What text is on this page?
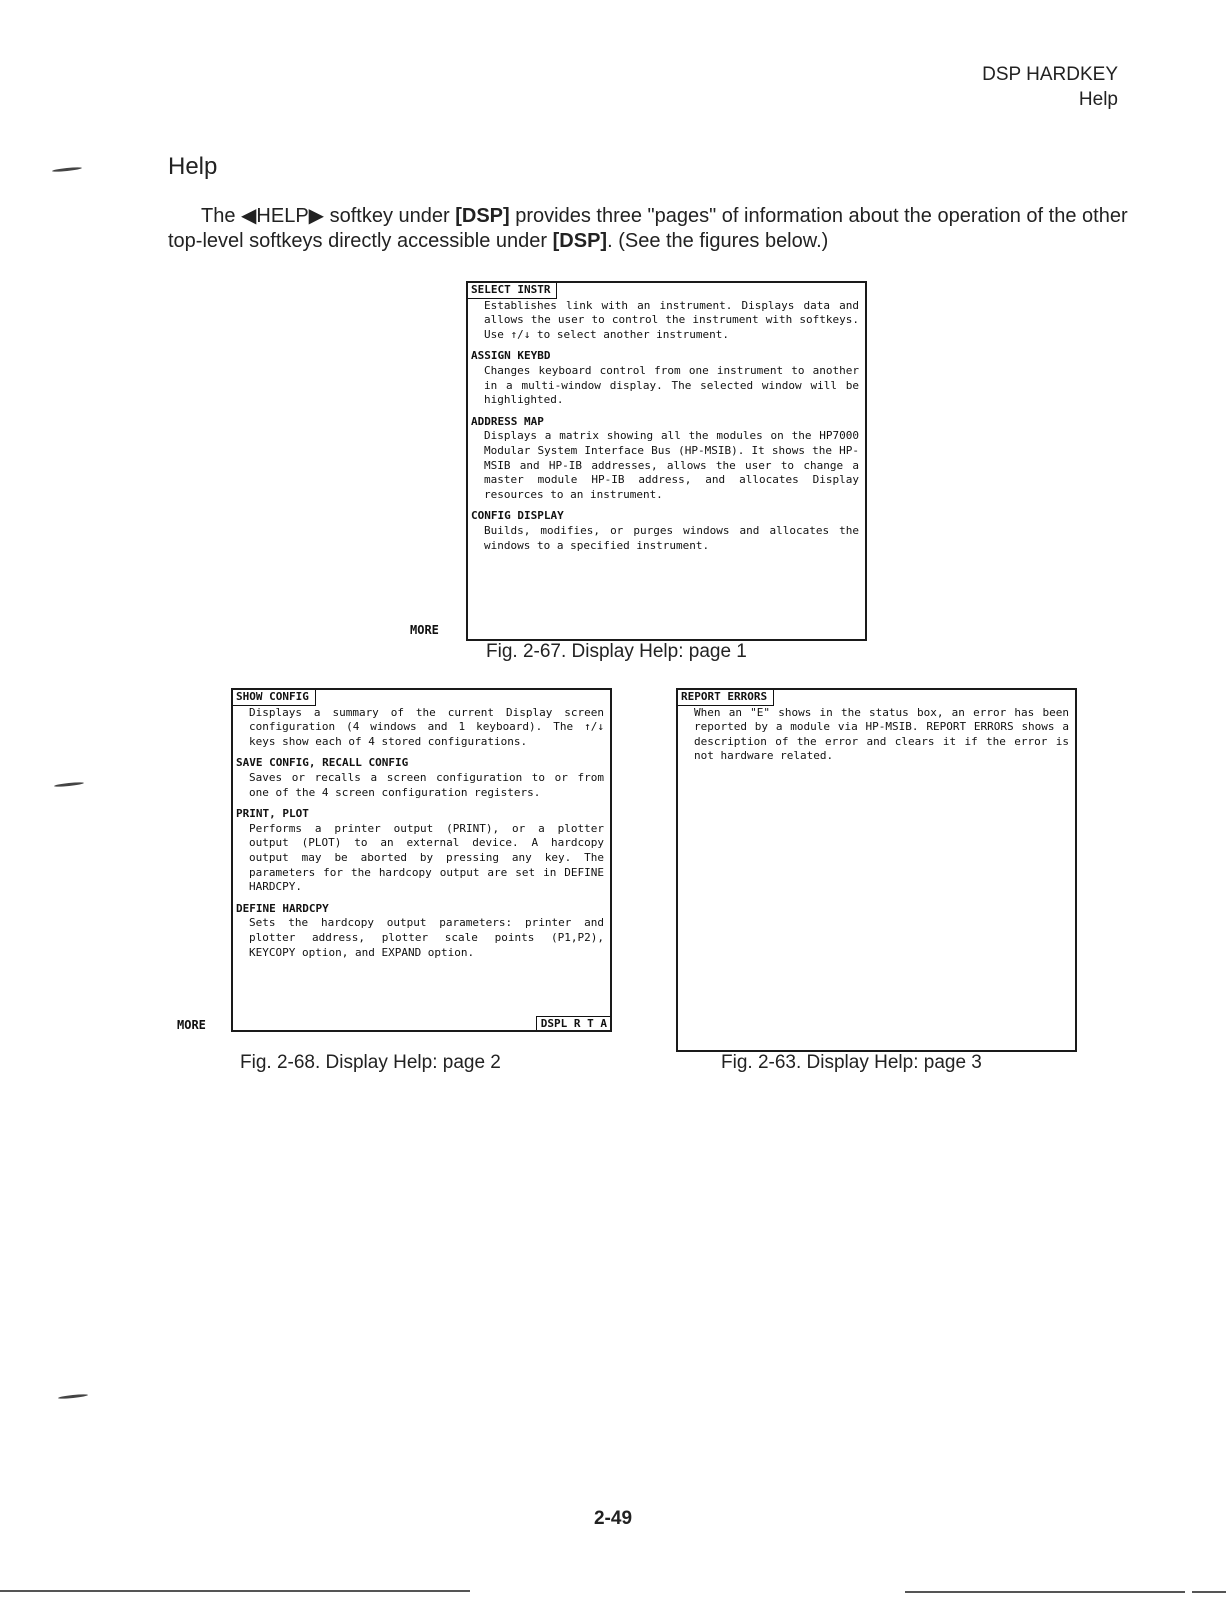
DSP HARDKEY
Help
Help

The ◀HELP▶ softkey under [DSP] provides three "pages" of information about the operation of the other top-level softkeys directly accessible under [DSP]. (See the figures below.)

SELECT INSTR
Establishes link with an instrument. Displays data and allows the user to control the instrument with softkeys. Use ↑/↓ to select another instrument.
ASSIGN KEYBD
Changes keyboard control from one instrument to another in a multi-window display. The selected window will be highlighted.
ADDRESS MAP
Displays a matrix showing all the modules on the HP7000 Modular System Interface Bus (HP-MSIB). It shows the HP-MSIB and HP-IB addresses, allows the user to change a master module HP-IB address, and allocates Display resources to an instrument.
CONFIG DISPLAY
Builds, modifies, or purges windows and allocates the windows to a specified instrument.
MORE
Fig. 2-67. Display Help: page 1
SHOW CONFIG
Displays a summary of the current Display screen configuration (4 windows and 1 keyboard). The ↑/↓ keys show each of 4 stored configurations.
SAVE CONFIG, RECALL CONFIG
Saves or recalls a screen configuration to or from one of the 4 screen configuration registers.
PRINT, PLOT
Performs a printer output (PRINT), or a plotter output (PLOT) to an external device. A hardcopy output may be aborted by pressing any key. The parameters for the hardcopy output are set in DEFINE HARDCPY.
DEFINE HARDCPY
Sets the hardcopy output parameters: printer and plotter address, plotter scale points (P1,P2), KEYCOPY option, and EXPAND option.
DSPL R T A
MORE
Fig. 2-68. Display Help: page 2
REPORT ERRORS
When an "E" shows in the status box, an error has been reported by a module via HP-MSIB. REPORT ERRORS shows a description of the error and clears it if the error is not hardware related.
Fig. 2-63. Display Help: page 3
2-49
